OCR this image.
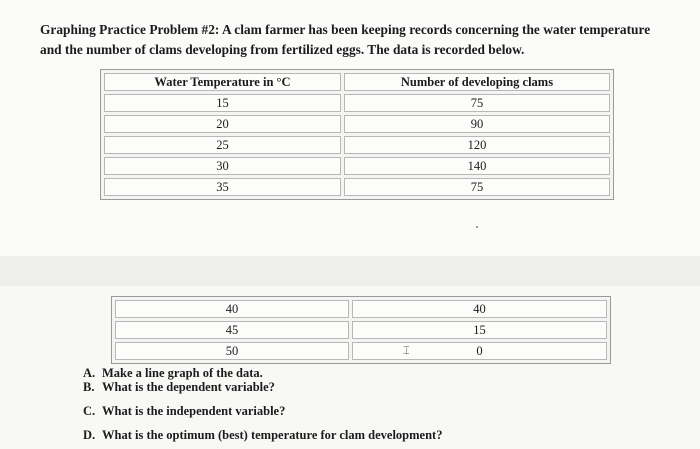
Graphing Practice Problem #2: A clam farmer has been keeping records concerning the water temperature and the number of clams developing from fertilized eggs. The data is recorded below.
Water Temperature in °C	Number of developing clams
15	75
20	90
25	120
30	140
35	75
40	40
45	15
50	0
⌶
A. Make a line graph of the data.
B. What is the dependent variable?
C. What is the independent variable?
D. What is the optimum (best) temperature for clam development?
